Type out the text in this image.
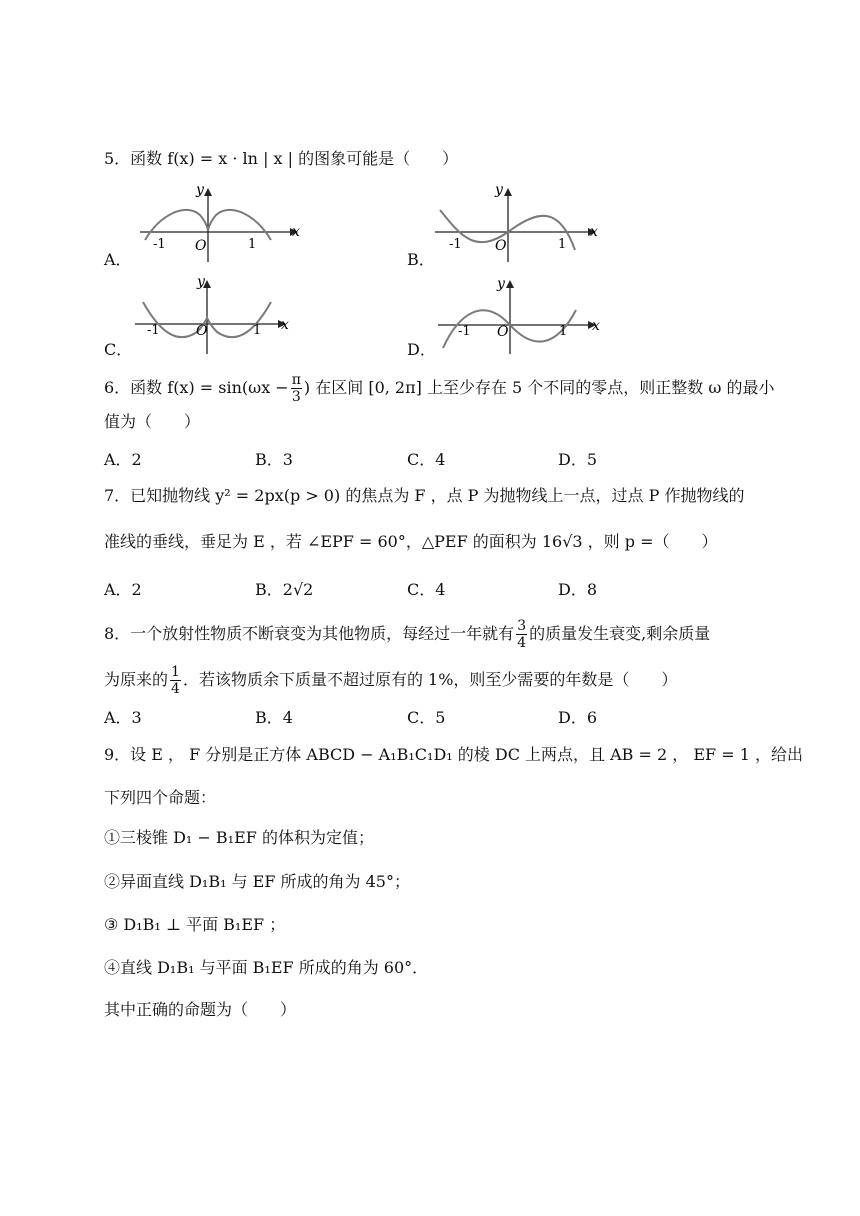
5．函数 f(x) = x · ln | x | 的图象可能是（　　）
A．
y
x
O
-1	1
B．
y
x
O
-1	1
C．
y
x
O
-1	1
D．
y
x
O
-1	1
6．函数 $f(x) = \sin(\omega x - \frac{\pi}{3}$ ) 在区间 [0, 2π] 上至少存在 5 个不同的零点，则正整数 ω 的最小
值为（　　）
A．2	B．3	C．4	D．5
7．已知抛物线 y² = 2px(p > 0) 的焦点为 F ，点 P 为抛物线上一点，过点 P 作抛物线的
准线的垂线，垂足为 E ，若 ∠EPF = 60°，△PEF 的面积为 16√3 ，则 p =（　　）
A．2	B．2√2	C．4	D．8
8．一个放射性物质不断衰变为其他物质，每经过一年就有 $\frac{3}{4}$ 的质量发生衰变,剩余质量
为原来的 $\frac{1}{4}$ ．若该物质余下质量不超过原有的 1%，则至少需要的年数是（　　）
A．3	B．4	C．5	D．6
9．设 E ， F 分别是正方体 ABCD − A₁B₁C₁D₁ 的棱 DC 上两点，且 AB = 2 ， EF = 1 ，给出
下列四个命题：
①三棱锥 D₁ − B₁EF 的体积为定值；
②异面直线 D₁B₁ 与 EF 所成的角为 45°；
③ D₁B₁ ⊥ 平面 B₁EF ；
④直线 D₁B₁ 与平面 B₁EF 所成的角为 60°．
其中正确的命题为（　　）
